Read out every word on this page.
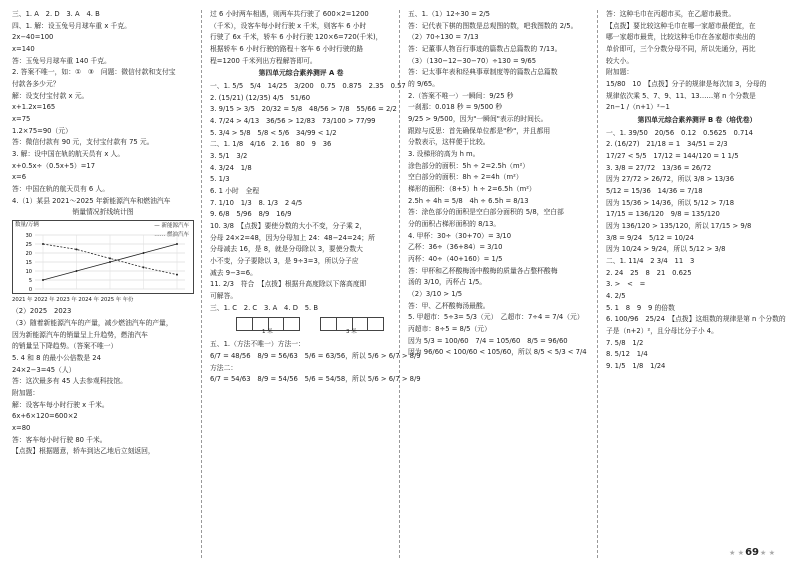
三、1. A　2. D　3. A　4. B
四、1. 解：设玉兔号月球车重 x 千克。
2x−40=100
x=140
答：玉兔号月球车重 140 千克。
2. 答案不唯一，如：①　③　问题：微信付款和支付宝
付款各多少元？
解：设支付宝付款 x 元。
x+1.2x=165
x=75
1.2×75=90（元）
答：微信付款有 90 元，支付宝付款有 75 元。
3. 解：设中国在轨的航天员有 x 人。
x+0.5x÷（0.5x+5）=17
x=6
答：中国在轨的航天员有 6 人。
4.（1）某县 2021～2025 年新能源汽车和燃油汽车
销量情况折线统计图
数量/万辆	— 新能源汽车
…… 燃油汽车
0
5
10
15
20
25
30
2021 年 2022 年 2023 年 2024 年 2025 年 年份
（2）2025　2023
（3）随着新能源汽车的产量，减少燃油汽车的产量，
因为新能源汽车的销量呈上升趋势，燃油汽车
的销量呈下降趋势。（答案不唯一）
5. 4 和 8 的最小公倍数是 24
24×2−3=45（人）
答：这次最多有 45 人去参观科技馆。
附加题：
解：设客车每小时行驶 x 千米。
6x+6×120=600×2
x=80
答：客车每小时行驶 80 千米。
【点拨】根据题意，轿车到达乙地后立刻返回，
过 6 小时两车相遇，则两车共行驶了 600×2=1200
（千米），设客车每小时行驶 x 千米，则客车 6 小时
行驶了 6x 千米，轿车 6 小时行驶 120×6=720(千米)，
根据轿车 6 小时行驶的路程＋客车 6 小时行驶的路
程=1200 千米列出方程解答即可。
第四单元综合素养测评 A 卷
一、1. 5/5　5/4　14/25　3/200　0.75　0.875　2.35　0.57
2. (15/21) (12/35) 4/5　51/60
3. 9/15 > 3/5　20/32 = 5/8　48/56 > 7/8　55/66 = 2/2
4. 7/24 > 4/13　36/56 > 12/83　73/100 > 77/99
5. 3/4 > 5/8　5/8 < 5/6　34/99 < 1/2
二、1. 1/8　4/16　2. 16　80　9　36
3. 5/1　3/2
4. 3/24　1/8
5. 1/3
6. 1 小时　全程
7. 1/10　1/3　8. 1/3　2 4/5
9. 6/8　5/96　8/9　16/9
10. 3/8　【点拨】要使分数的大小不变，分子乘 2，
分母 24×2=48，因为分母加上 24：48−24=24；所
分母减去 16，是 8，就是分母除以 3，要使分数大
小不变，分子要除以 3，是 9÷3=3，所以分子应
减去 9−3=6。
11. 2/3　符合　【点拨】根据升高度除以下落高度即
可解答。
三、1. C　2. C　3. A　4. D　5. B
1 米	3 米
五、1.（方法不唯一）方法一：
6/7 = 48/56　8/9 = 56/63　5/6 = 63/56，所以 5/6 > 6/7 > 8/9
方法二：
6/7 = 54/63　8/9 = 54/56　5/6 = 54/58，所以 5/6 > 6/7 > 8/9
五、1.（1）12÷30 = 2/5
答：记代表下棋的图数是总观图的数，吧我图数的 2/5。
（2）70÷130 = 7/13
答：记董事人物百行事迹的篇数占总篇数的 7/13。
（3）（130−12−30−70）÷130 = 9/65
答：记太事年表和经典事章制度等的篇数占总篇数
的 9/65。
2.（答案不唯一）一瞬间：9/25 秒
一刹那：0.018 秒 = 9/500 秒
9/25 > 9/500，因为"一瞬间"表示的时间长。
跟踪与反思：首先确保单位都是"秒"，并且都用
分数表示，这样便于比较。
3. 设梯形的高为 h m。
涂色部分的面积：5h ÷ 2=2.5h（m²）
空白部分的面积：8h ÷ 2=4h（m²）
梯形的面积：（8+5）h ÷ 2=6.5h（m²）
2.5h ÷ 4h = 5/8　4h ÷ 6.5h = 8/13
答：涂色部分的面积是空白部分面积的 5/8，空白部
分的面积占梯形面积的 8/13。
4. 甲杯：30÷（30+70）= 3/10
乙杯：36÷（36+84）= 3/10
丙杯：40÷（40+160）= 1/5
答：甲杯和乙杯酸梅汤中酸梅的质量各占整杯酸梅
汤的 3/10，丙杯占 1/5。
（2）3/10 > 1/5
答：甲、乙杯酸梅汤最酸。
5. 甲超市：5÷3= 5/3（元）　乙超市：7÷4 = 7/4（元）
丙超市：8÷5 = 8/5（元）
因为 5/3 = 100/60　7/4 = 105/60　8/5 = 96/60
因为 96/60 < 100/60 < 105/60，所以 8/5 < 5/3 < 7/4
答：这种毛巾在丙超市买，在乙超市最贵。
【点拨】要比较这种毛巾在哪一家超市最便宜，在
哪一家超市最贵，比较这种毛巾在各家超市卖出的
单价即可，三个分数分母不同，所以先通分，再比
较大小。
附加题：
15/80　10　【点拨】分子的规律是每次加 3，分母的
规律依次乘 5、7、9、11、13……第 n 个分数是
2n−1 /（n+1）²−1
第四单元综合素养测评 B 卷（培优卷）
一、1. 39/50　20/56　0.12　0.5625　0.714
2. (16/27)　21/18 = 1　34/51 = 2/3
17/27 < 5/5　17/12 = 144/120 = 1 1/5
3. 3/8 = 27/72　13/36 = 26/72
因为 27/72 > 26/72，所以 3/8 > 13/36
5/12 = 15/36　14/36 = 7/18
因为 15/36 > 14/36，所以 5/12 > 7/18
17/15 = 136/120　9/8 = 135/120
因为 136/120 > 135/120，所以 17/15 > 9/8
3/8 = 9/24　5/12 = 10/24
因为 10/24 > 9/24，所以 5/12 > 3/8
二、1. 11/4　2 3/4　11　3
2. 24　25　8　21　0.625
3. >　<　=
4. 2/5
5. 1　8　9　9 的倍数
6. 100/96　25/24　【点拨】这组数的规律是第 n 个分数的
子是（n+2）²，且分母比分子小 4。
7. 5/8　1/2
8. 5/12　1/4
9. 1/5　1/8　1/24
★ ★69★ ★
